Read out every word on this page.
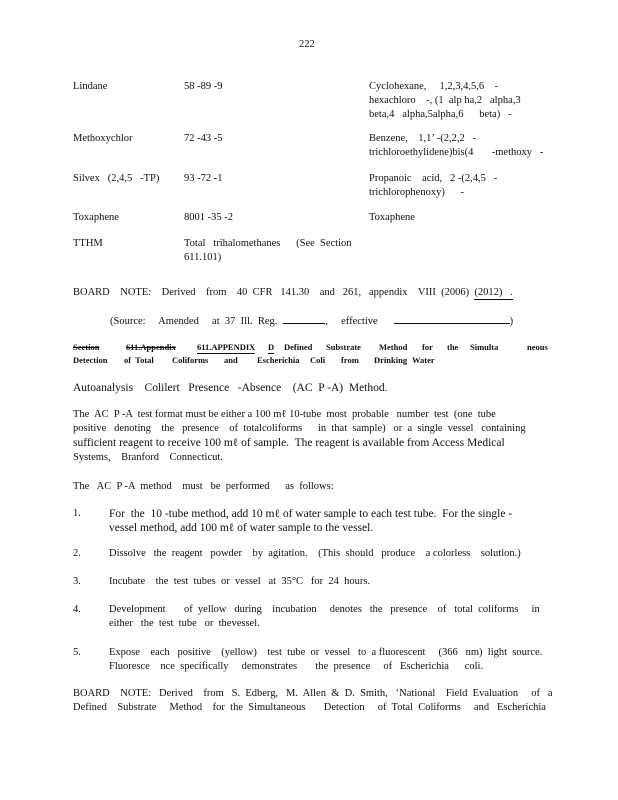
222
Lindane	58 -89 -9	Cyclohexane,     1,2,3,4,5,6    -
hexachloro    -, (1  alp ha,2   alpha,3
beta,4   alpha,5alpha,6      beta)   -
Methoxychlor	72 -43 -5	Benzene,    1,1’ -(2,2,2   -
trichloroethylidene)bis(4       -methoxy   -
Silvex   (2,4,5   -TP) 93 -72 -1	Propanoic    acid,   2 -(2,4,5   -
trichlorophenoxy)      -
Toxaphene	8001 -35 -2	Toxaphene
TTHM	Total   trihalomethanes      (See  Section
611.101)
BOARD    NOTE:    Derived    from    40  CFR   141.30    and   261,   appendix    VIII  (2006)  (2012)   .
(Source:     Amended     at  37  Ill.  Reg.	,     effective	)
Section	611.Appendix 611.APPENDIX D Defined Substrate Method for the Simulta	neous
Detection of  Total Coliforms and Escherichia Coli from Drinking Water
Autoanalysis    Colilert   Presence   -Absence    (AC  P -A)  Method.
The  AC  P -A  test format must be either a 100 mℓ 10-tube  most  probable   number  test  (one  tube
positive   denoting    the   presence    of  totalcoliforms      in  that  sample)   or  a  single  vessel   containing
sufficient reagent to receive 100 mℓ of sample.  The reagent is available from Access Medical
Systems,    Branford    Connecticut.
The   AC  P -A  method    must   be  performed      as  follows:
1. For  the  10 -tube method, add 10 mℓ of water sample to each test tube.  For the single -
vessel method, add 100 mℓ of water sample to the vessel.
2.	Dissolve   the  reagent   powder    by  agitation.    (This  should   produce    a colorless    solution.)
3.	Incubate    the  test  tubes  or  vessel   at  35°C   for  24  hours.
4.	Development       of  yellow   during    incubation     denotes   the   presence    of   total  coliforms     in
either   the  test  tube   or  thevessel.
5.	Expose    each   positive    (yellow)    test  tube  or  vessel   to  a fluorescent     (366   nm)  light  source.
Fluoresce    nce  specifically     demonstrates       the  presence     of   Escherichia      coli.
BOARD    NOTE:   Derived    from   S.  Edberg,   M.  Allen  &  D.  Smith,   ‘National    Field  Evaluation     of   a
Defined    Substrate     Method    for  the  Simultaneous       Detection     of  Total  Coliforms     and   Escherichia
